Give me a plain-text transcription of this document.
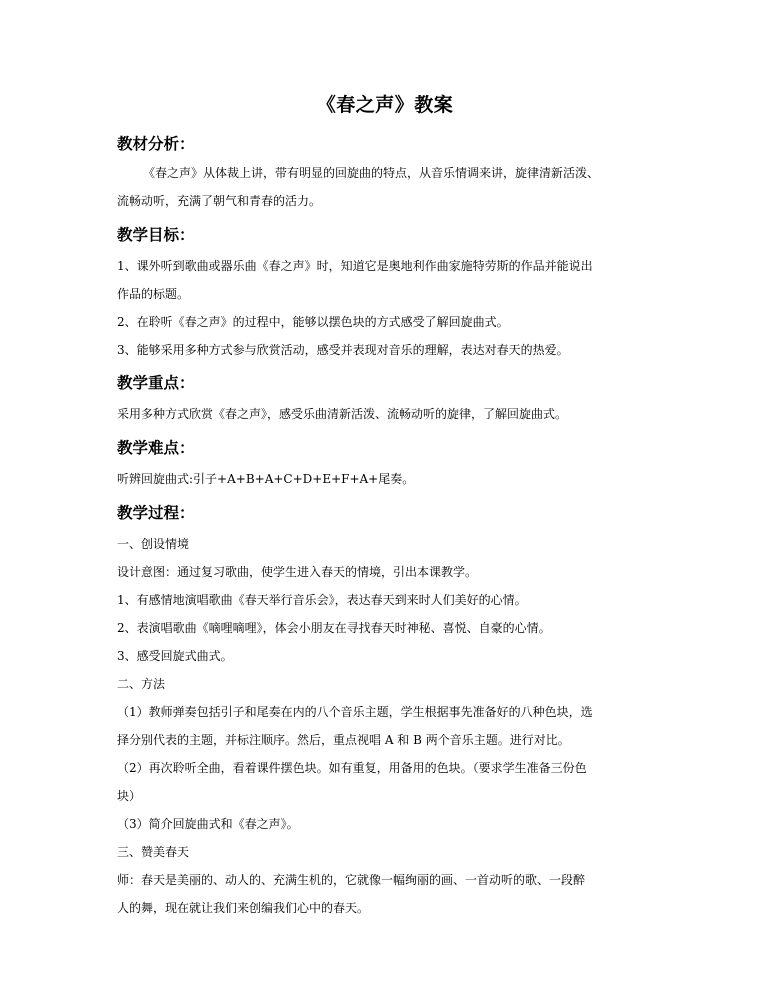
《春之声》教案
教材分析：
《春之声》从体裁上讲，带有明显的回旋曲的特点，从音乐情调来讲，旋律清新活泼、
流畅动听，充满了朝气和青春的活力。
教学目标：
1、课外听到歌曲或器乐曲《春之声》时，知道它是奥地利作曲家施特劳斯的作品并能说出
作品的标题。
2、在聆听《春之声》的过程中，能够以摆色块的方式感受了解回旋曲式。
3、能够采用多种方式参与欣赏活动，感受并表现对音乐的理解，表达对春天的热爱。
教学重点：
采用多种方式欣赏《春之声》，感受乐曲清新活泼、流畅动听的旋律，了解回旋曲式。
教学难点：
听辨回旋曲式:引子+A+B+A+C+D+E+F+A+尾奏。
教学过程：
一、创设情境
设计意图：通过复习歌曲，使学生进入春天的情境，引出本课教学。
1、有感情地演唱歌曲《春天举行音乐会》，表达春天到来时人们美好的心情。
2、表演唱歌曲《嘀哩嘀哩》，体会小朋友在寻找春天时神秘、喜悦、自豪的心情。
3、感受回旋式曲式。
二、方法
（1）教师弹奏包括引子和尾奏在内的八个音乐主题，学生根据事先准备好的八种色块，选
择分别代表的主题，并标注顺序。然后，重点视唱 A 和 B 两个音乐主题。进行对比。
（2）再次聆听全曲，看着课件摆色块。如有重复，用备用的色块。（要求学生准备三份色
块）
（3）简介回旋曲式和《春之声》。
三、赞美春天
师：春天是美丽的、动人的、充满生机的，它就像一幅绚丽的画、一首动听的歌、一段醉
人的舞，现在就让我们来创编我们心中的春天。
